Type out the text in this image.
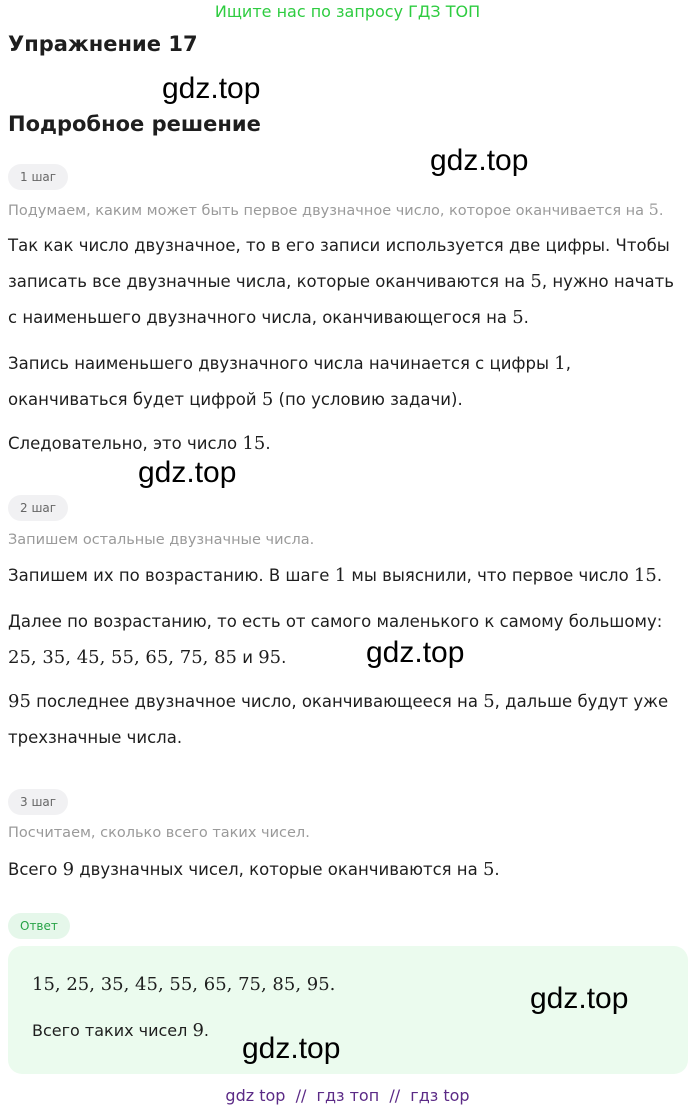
Ищите нас по запросу ГДЗ ТОП
Упражнение 17
gdz.top
Подробное решение
gdz.top
1 шаг
Подумаем, каким может быть первое двузначное число, которое оканчивается на 5.
Так как число двузначное, то в его записи используется две цифры. Чтобы записать все двузначные числа, которые оканчиваются на 5, нужно начать с наименьшего двузначного числа, оканчивающегося на 5.
Запись наименьшего двузначного числа начинается с цифры 1, оканчиваться будет цифрой 5 (по условию задачи).
Следовательно, это число 15.
gdz.top
2 шаг
Запишем остальные двузначные числа.
Запишем их по возрастанию. В шаге 1 мы выяснили, что первое число 15.
Далее по возрастанию, то есть от самого маленького к самому большому: 25, 35, 45, 55, 65, 75, 85 и 95.	gdz.top
95 последнее двузначное число, оканчивающееся на 5, дальше будут уже трехзначные числа.
3 шаг
Посчитаем, сколько всего таких чисел.
Всего 9 двузначных чисел, которые оканчиваются на 5.
Ответ
15, 25, 35, 45, 55, 65, 75, 85, 95.	gdz.top
Всего таких чисел 9.
gdz.top
gdz top  //  гдз топ  //  гдз top
